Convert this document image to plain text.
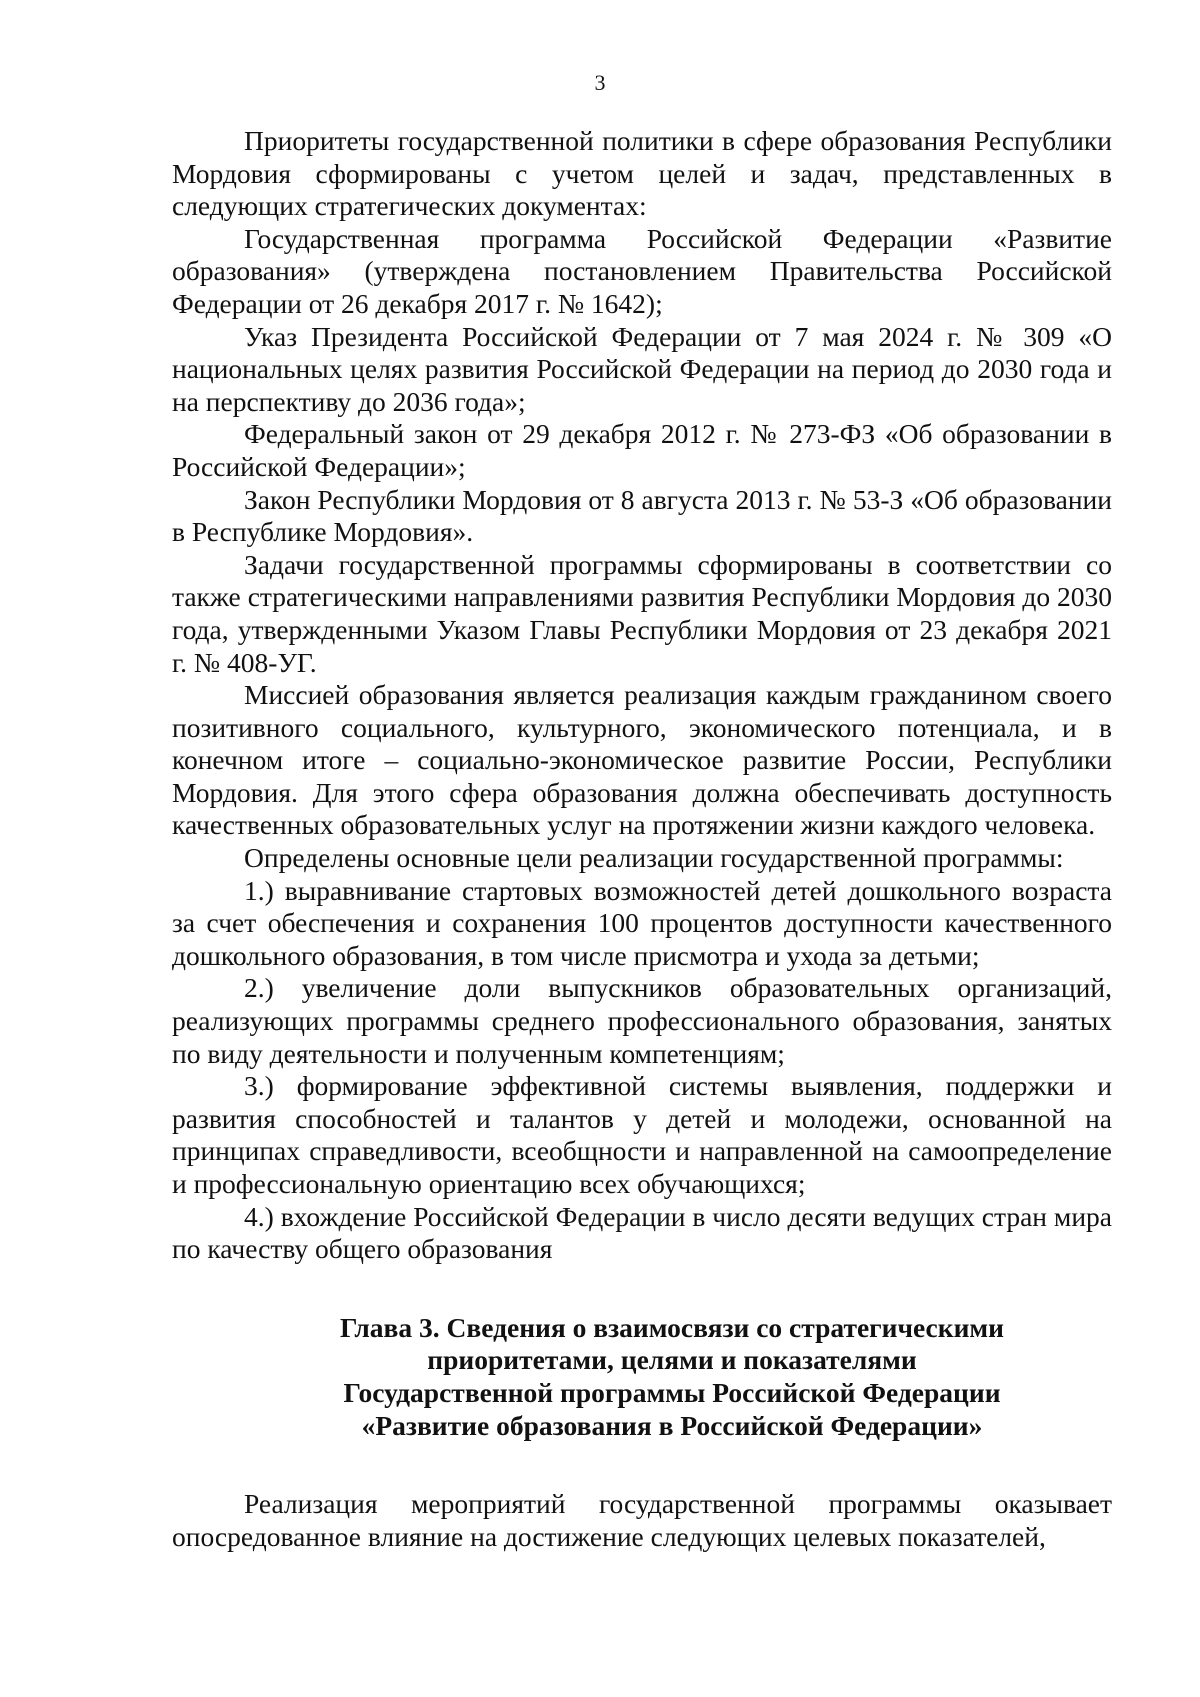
3

Приоритеты государственной политики в сфере образования Республики Мордовия сформированы с учетом целей и задач, представленных в следующих стратегических документах:

Государственная программа Российской Федерации «Развитие образования» (утверждена постановлением Правительства Российской Федерации от 26 декабря 2017 г. № 1642);

Указ Президента Российской Федерации от 7 мая 2024 г. № 309 «О национальных целях развития Российской Федерации на период до 2030 года и на перспективу до 2036 года»;

Федеральный закон от 29 декабря 2012 г. № 273-ФЗ «Об образовании в Российской Федерации»;

Закон Республики Мордовия от 8 августа 2013 г. № 53-З «Об образовании в Республике Мордовия».

Задачи государственной программы сформированы в соответствии со также стратегическими направлениями развития Республики Мордовия до 2030 года, утвержденными Указом Главы Республики Мордовия от 23 декабря 2021 г. № 408-УГ.

Миссией образования является реализация каждым гражданином своего позитивного социального, культурного, экономического потенциала, и в конечном итоге – социально-экономическое развитие России, Республики Мордовия. Для этого сфера образования должна обеспечивать доступность качественных образовательных услуг на протяжении жизни каждого человека.

Определены основные цели реализации государственной программы:

1.) выравнивание стартовых возможностей детей дошкольного возраста за счет обеспечения и сохранения 100 процентов доступности качественного дошкольного образования, в том числе присмотра и ухода за детьми;

2.) увеличение доли выпускников образовательных организаций, реализующих программы среднего профессионального образования, занятых по виду деятельности и полученным компетенциям;

3.) формирование эффективной системы выявления, поддержки и развития способностей и талантов у детей и молодежи, основанной на принципах справедливости, всеобщности и направленной на самоопределение и профессиональную ориентацию всех обучающихся;

4.) вхождение Российской Федерации в число десяти ведущих стран мира по качеству общего образования

Глава 3. Сведения о взаимосвязи со стратегическими
приоритетами, целями и показателями
Государственной программы Российской Федерации
«Развитие образования в Российской Федерации»

Реализация мероприятий государственной программы оказывает опосредованное влияние на достижение следующих целевых показателей,
